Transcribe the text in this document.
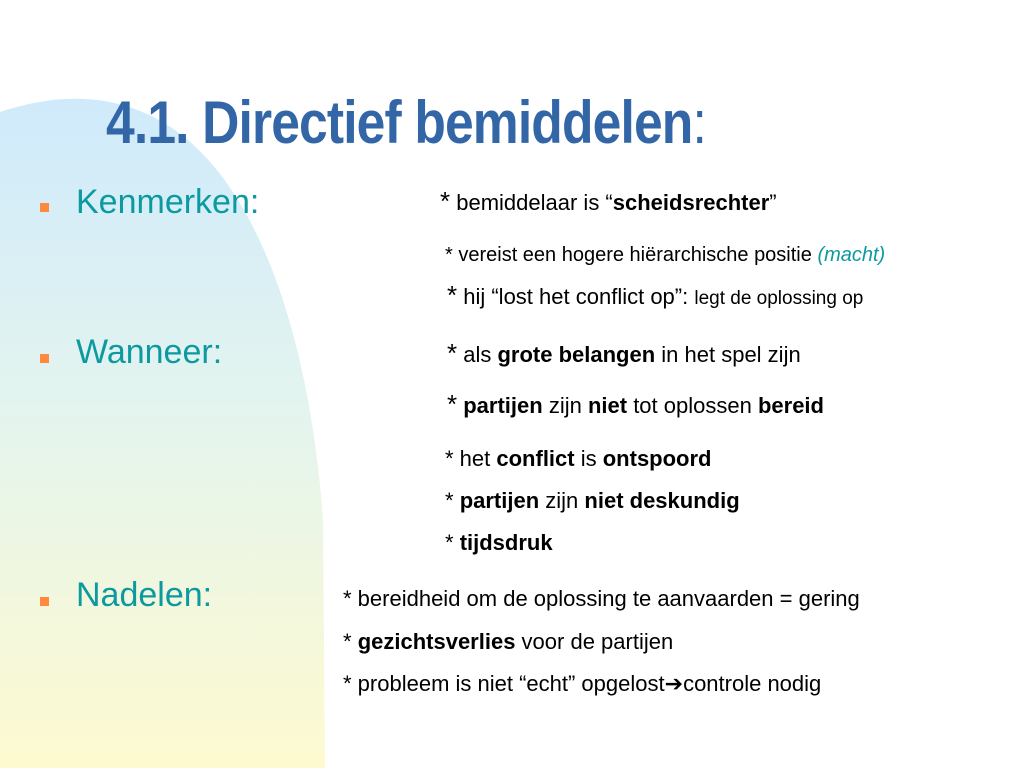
4.1. Directief bemiddelen:
Kenmerken:	* bemiddelaar is “scheidsrechter”
* vereist een hogere hiërarchische positie (macht)
* hij “lost het conflict op”: legt de oplossing op
Wanneer:	* als grote belangen in het spel zijn
* partijen zijn niet tot oplossen bereid
* het conflict is ontspoord
* partijen zijn niet deskundig
* tijdsdruk
Nadelen:	* bereidheid om de oplossing te aanvaarden = gering
* gezichtsverlies voor de partijen
* probleem is niet “echt” opgelost➔controle nodig
